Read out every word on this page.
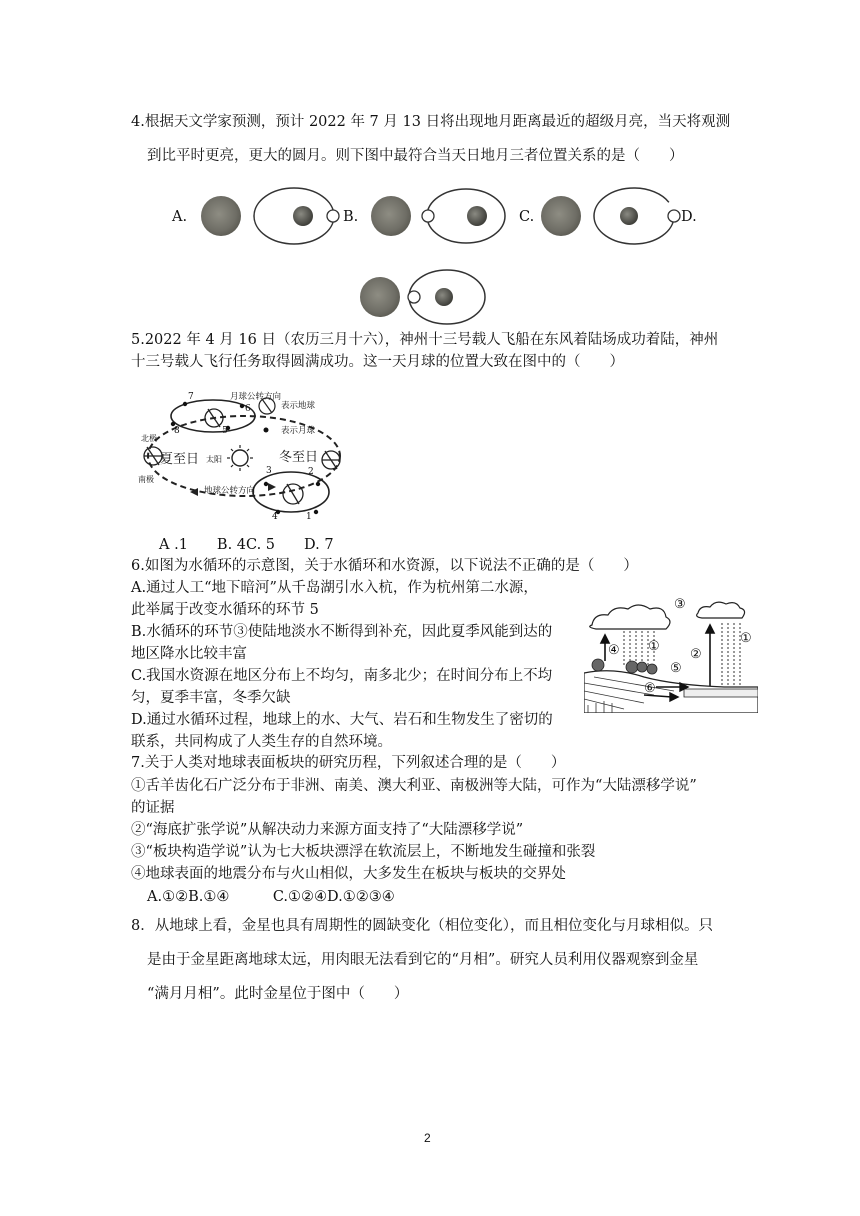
4.根据天文学家预测，预计 2022 年 7 月 13 日将出现地月距离最近的超级月亮，当天将观测
到比平时更亮，更大的圆月。则下图中最符合当天日地月三者位置关系的是（　　）
A.	B.	C.	D.
5.2022 年 4 月 16 日（农历三月十六），神州十三号载人飞船在东风着陆场成功着陆，神州
十三号载人飞行任务取得圆满成功。这一天月球的位置大致在图中的（　　）
月球公转方向
表示地球
表示月球
北极
南极
夏至日	冬至日
太阳
地球公转方向
1
2
3
4
5
6
7
8
A .1　　B. 4C. 5　　D. 7
6.如图为水循环的示意图，关于水循环和水资源，以下说法不正确的是（　　）
A.通过人工“地下暗河”从千岛湖引水入杭，作为杭州第二水源，
此举属于改变水循环的环节 5
B.水循环的环节③使陆地淡水不断得到补充，因此夏季风能到达的
地区降水比较丰富
C.我国水资源在地区分布上不均匀，南多北少；在时间分布上不均
匀，夏季丰富，冬季欠缺
D.通过水循环过程，地球上的水、大气、岩石和生物发生了密切的
联系，共同构成了人类生存的自然环境。
③
④ ①
②
①
⑤
⑥
7.关于人类对地球表面板块的研究历程，下列叙述合理的是（　　）
①舌羊齿化石广泛分布于非洲、南美、澳大利亚、南极洲等大陆，可作为“大陆漂移学说”
的证据
②“海底扩张学说”从解决动力来源方面支持了“大陆漂移学说”
③“板块构造学说”认为七大板块漂浮在软流层上，不断地发生碰撞和张裂
④地球表面的地震分布与火山相似，大多发生在板块与板块的交界处
A.①②B.①④　　　C.①②④D.①②③④
8．从地球上看，金星也具有周期性的圆缺变化（相位变化），而且相位变化与月球相似。只
是由于金星距离地球太远，用肉眼无法看到它的“月相”。研究人员利用仪器观察到金星
“满月月相”。此时金星位于图中（　　）
2
